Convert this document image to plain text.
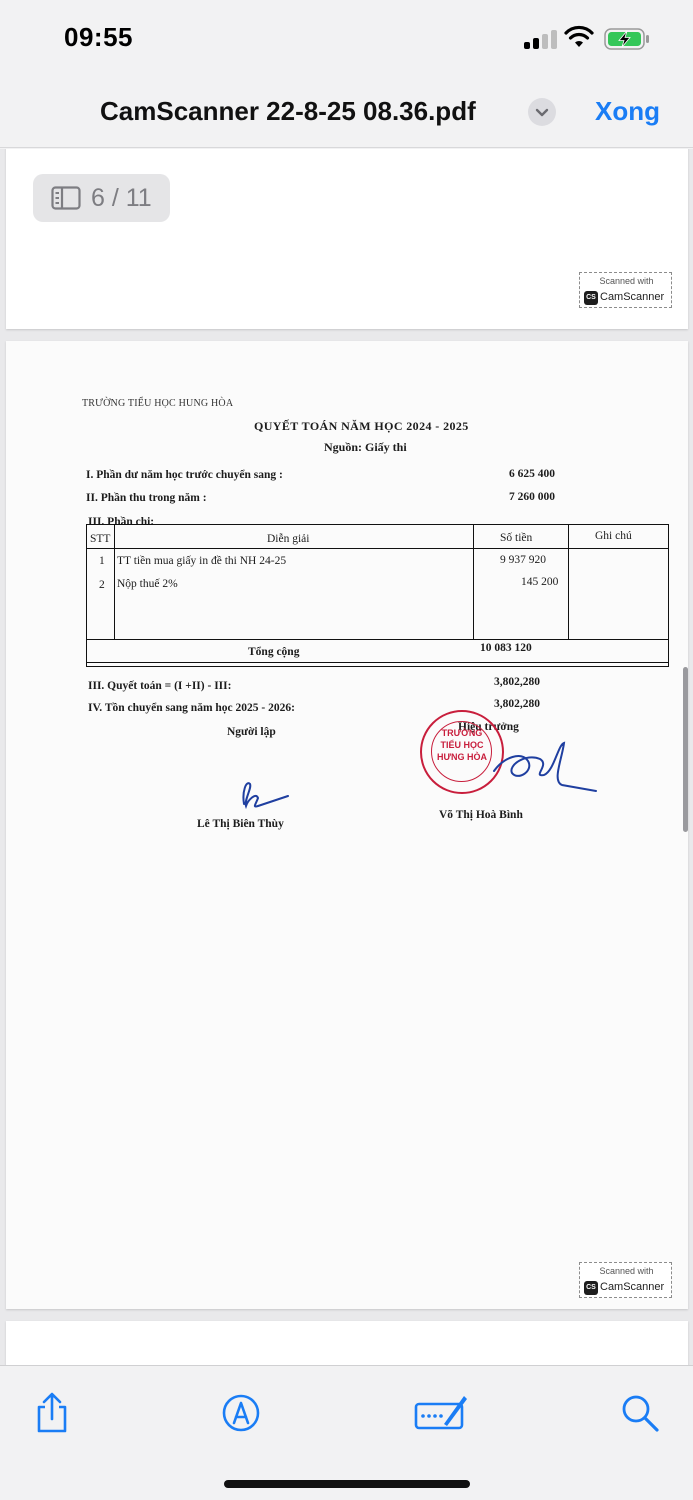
09:55
CamScanner 22-8-25 08.36.pdf	Xong
Scanned with
CS CamScanner
6 / 11
TRƯỜNG TIỂU HỌC HUNG HÒA
QUYẾT TOÁN NĂM HỌC 2024 - 2025
Nguồn: Giấy thi
I. Phần dư năm học trước chuyển sang :	6 625 400
II. Phần thu trong năm :	7 260 000
III. Phần chi:
STT	Diễn giải	Số tiền	Ghi chú
1 TT tiền mua giấy in đề thi NH 24-25	9 937 920
2 Nộp thuế 2%	145 200
Tổng cộng	10 083 120
III. Quyết toán = (I +II) - III:	3,802,280
IV. Tồn chuyển sang năm học 2025 - 2026:	3,802,280
Người lập	Hiệu trưởng
TRƯỜNG
TIỂU HỌC
HƯNG HÒA
Lê Thị Biên Thùy
Võ Thị Hoà Bình
Scanned with
CS CamScanner
